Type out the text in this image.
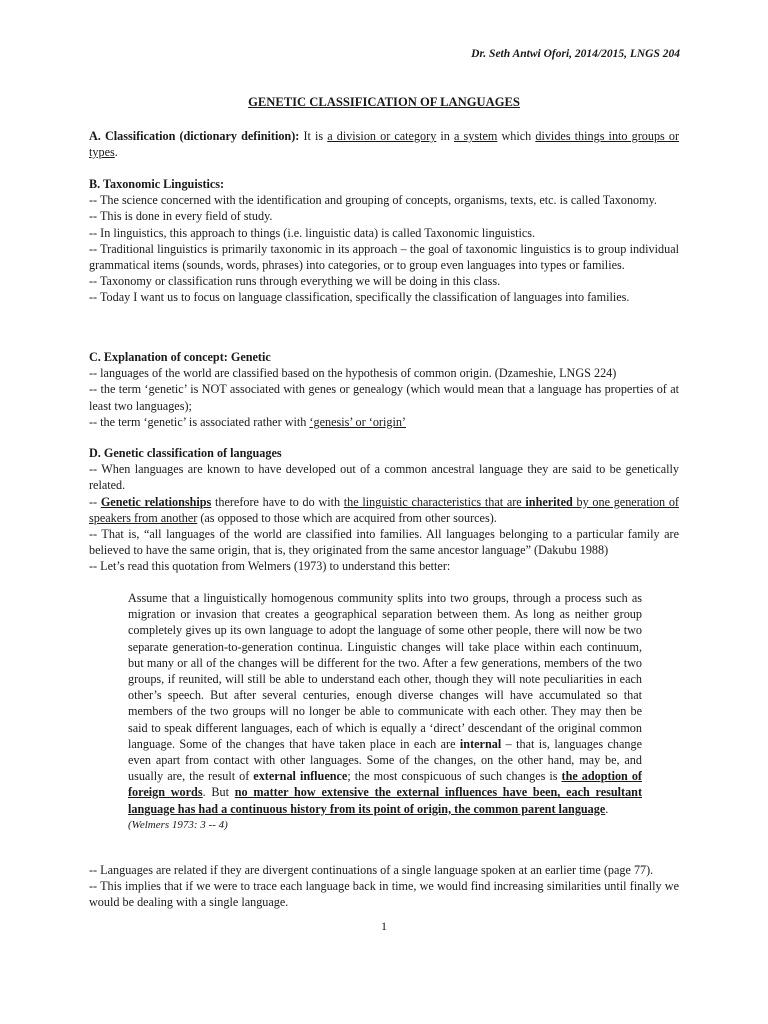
Dr. Seth Antwi Ofori, 2014/2015, LNGS 204
GENETIC CLASSIFICATION OF LANGUAGES

A. Classification (dictionary definition): It is a division or category in a system which divides things into groups or types.

B. Taxonomic Linguistics:

-- The science concerned with the identification and grouping of concepts, organisms, texts, etc. is called Taxonomy.

-- This is done in every field of study.

-- In linguistics, this approach to things (i.e. linguistic data) is called Taxonomic linguistics.

-- Traditional linguistics is primarily taxonomic in its approach – the goal of taxonomic linguistics is to group individual grammatical items (sounds, words, phrases) into categories, or to group even languages into types or families.

-- Taxonomy or classification runs through everything we will be doing in this class.

-- Today I want us to focus on language classification, specifically the classification of languages into families.

C. Explanation of concept: Genetic

-- languages of the world are classified based on the hypothesis of common origin. (Dzameshie, LNGS 224)

-- the term ‘genetic’ is NOT associated with genes or genealogy (which would mean that a language has properties of at least two languages);

-- the term ‘genetic’ is associated rather with ‘genesis’ or ‘origin’

D. Genetic classification of languages

-- When languages are known to have developed out of a common ancestral language they are said to be genetically related.

-- Genetic relationships therefore have to do with the linguistic characteristics that are inherited by one generation of speakers from another (as opposed to those which are acquired from other sources).

-- That is, “all languages of the world are classified into families. All languages belonging to a particular family are believed to have the same origin, that is, they originated from the same ancestor language” (Dakubu 1988)

-- Let’s read this quotation from Welmers (1973) to understand this better:

Assume that a linguistically homogenous community splits into two groups, through a process such as migration or invasion that creates a geographical separation between them. As long as neither group completely gives up its own language to adopt the language of some other people, there will now be two separate generation-to-generation continua. Linguistic changes will take place within each continuum, but many or all of the changes will be different for the two. After a few generations, members of the two groups, if reunited, will still be able to understand each other, though they will note peculiarities in each other’s speech. But after several centuries, enough diverse changes will have accumulated so that members of the two groups will no longer be able to communicate with each other. They may then be said to speak different languages, each of which is equally a ‘direct’ descendant of the original common language. Some of the changes that have taken place in each are internal – that is, languages change even apart from contact with other languages. Some of the changes, on the other hand, may be, and usually are, the result of external influence; the most conspicuous of such changes is the adoption of foreign words. But no matter how extensive the external influences have been, each resultant language has had a continuous history from its point of origin, the common parent language.

(Welmers 1973: 3 -- 4)

-- Languages are related if they are divergent continuations of a single language spoken at an earlier time (page 77).

-- This implies that if we were to trace each language back in time, we would find increasing similarities until finally we would be dealing with a single language.

1
